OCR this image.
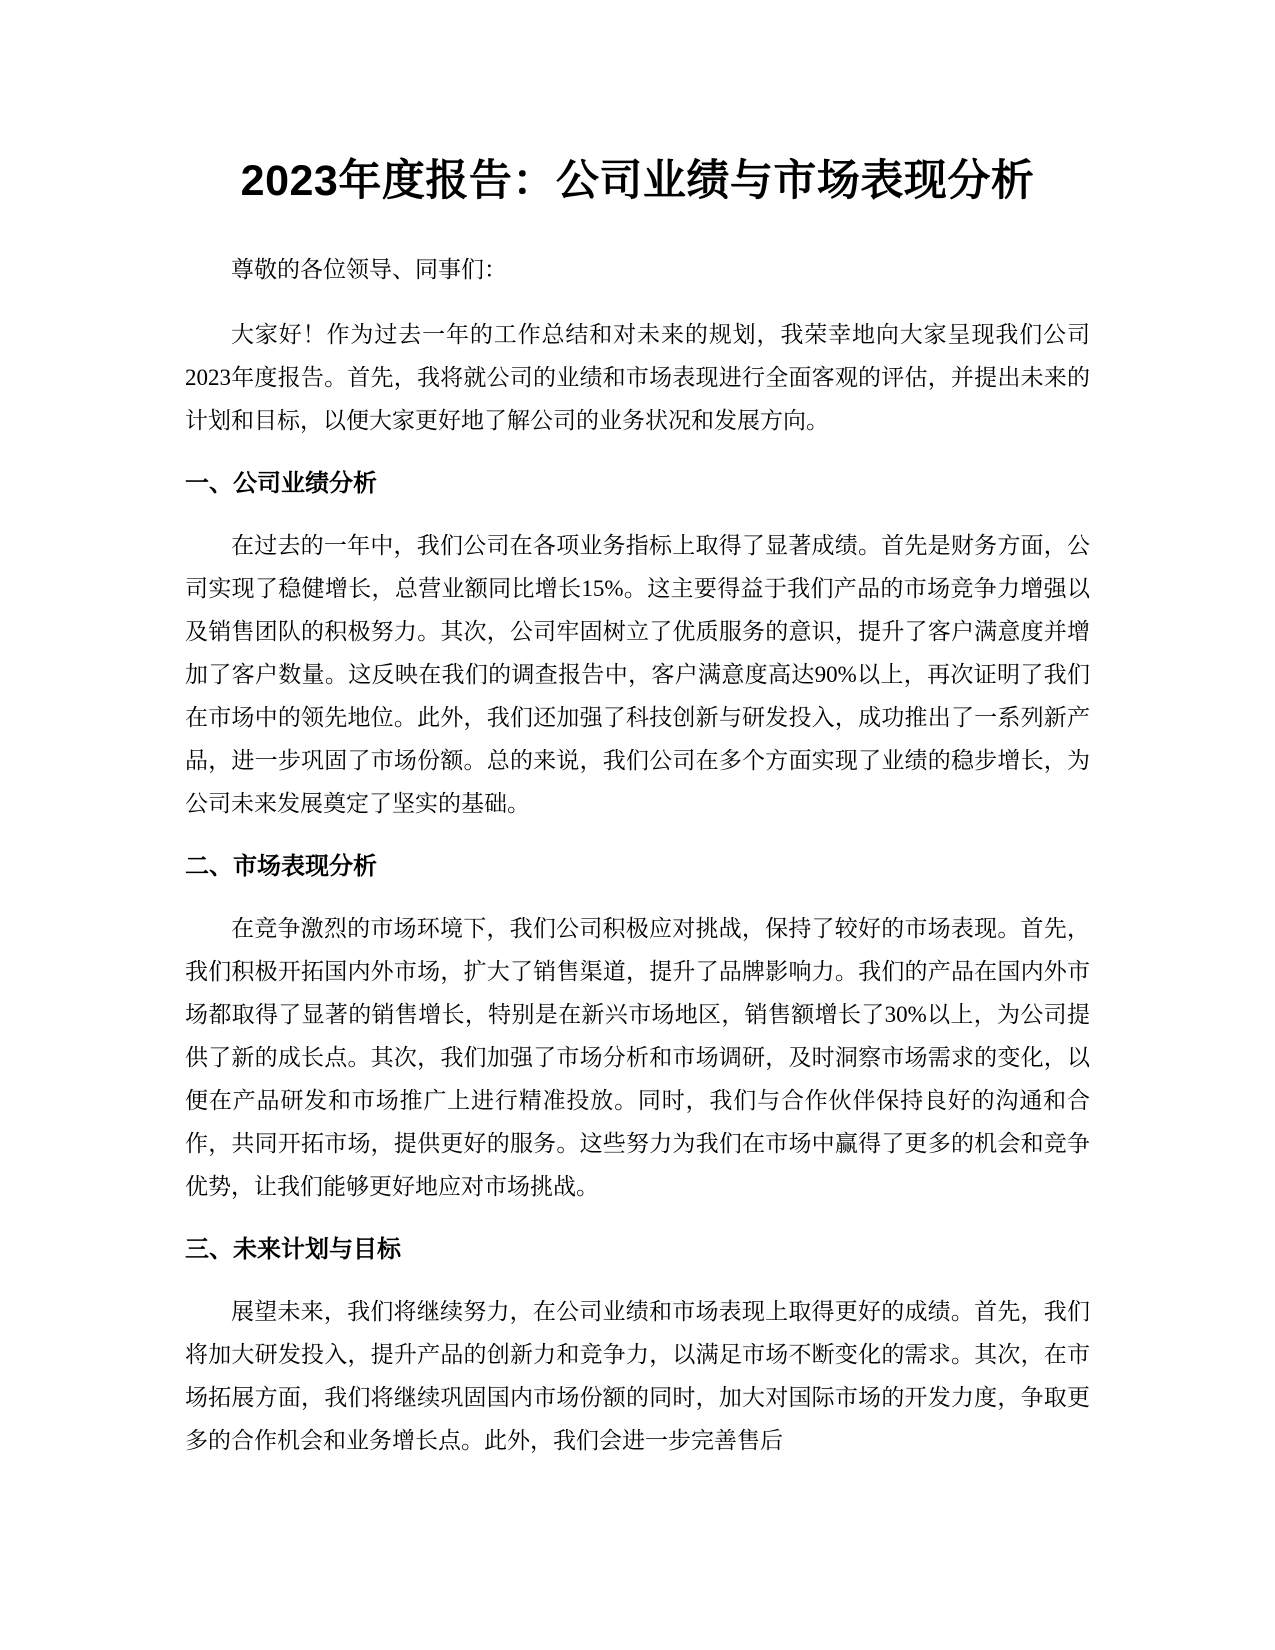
2023年度报告：公司业绩与市场表现分析

尊敬的各位领导、同事们：

大家好！作为过去一年的工作总结和对未来的规划，我荣幸地向大家呈现我们公司2023年度报告。首先，我将就公司的业绩和市场表现进行全面客观的评估，并提出未来的计划和目标，以便大家更好地了解公司的业务状况和发展方向。

一、公司业绩分析

在过去的一年中，我们公司在各项业务指标上取得了显著成绩。首先是财务方面，公司实现了稳健增长，总营业额同比增长15%。这主要得益于我们产品的市场竞争力增强以及销售团队的积极努力。其次，公司牢固树立了优质服务的意识，提升了客户满意度并增加了客户数量。这反映在我们的调查报告中，客户满意度高达90%以上，再次证明了我们在市场中的领先地位。此外，我们还加强了科技创新与研发投入，成功推出了一系列新产品，进一步巩固了市场份额。总的来说，我们公司在多个方面实现了业绩的稳步增长，为公司未来发展奠定了坚实的基础。

二、市场表现分析

在竞争激烈的市场环境下，我们公司积极应对挑战，保持了较好的市场表现。首先，我们积极开拓国内外市场，扩大了销售渠道，提升了品牌影响力。我们的产品在国内外市场都取得了显著的销售增长，特别是在新兴市场地区，销售额增长了30%以上，为公司提供了新的成长点。其次，我们加强了市场分析和市场调研，及时洞察市场需求的变化，以便在产品研发和市场推广上进行精准投放。同时，我们与合作伙伴保持良好的沟通和合作，共同开拓市场，提供更好的服务。这些努力为我们在市场中赢得了更多的机会和竞争优势，让我们能够更好地应对市场挑战。

三、未来计划与目标

展望未来，我们将继续努力，在公司业绩和市场表现上取得更好的成绩。首先，我们将加大研发投入，提升产品的创新力和竞争力，以满足市场不断变化的需求。其次，在市场拓展方面，我们将继续巩固国内市场份额的同时，加大对国际市场的开发力度，争取更多的合作机会和业务增长点。此外，我们会进一步完善售后
